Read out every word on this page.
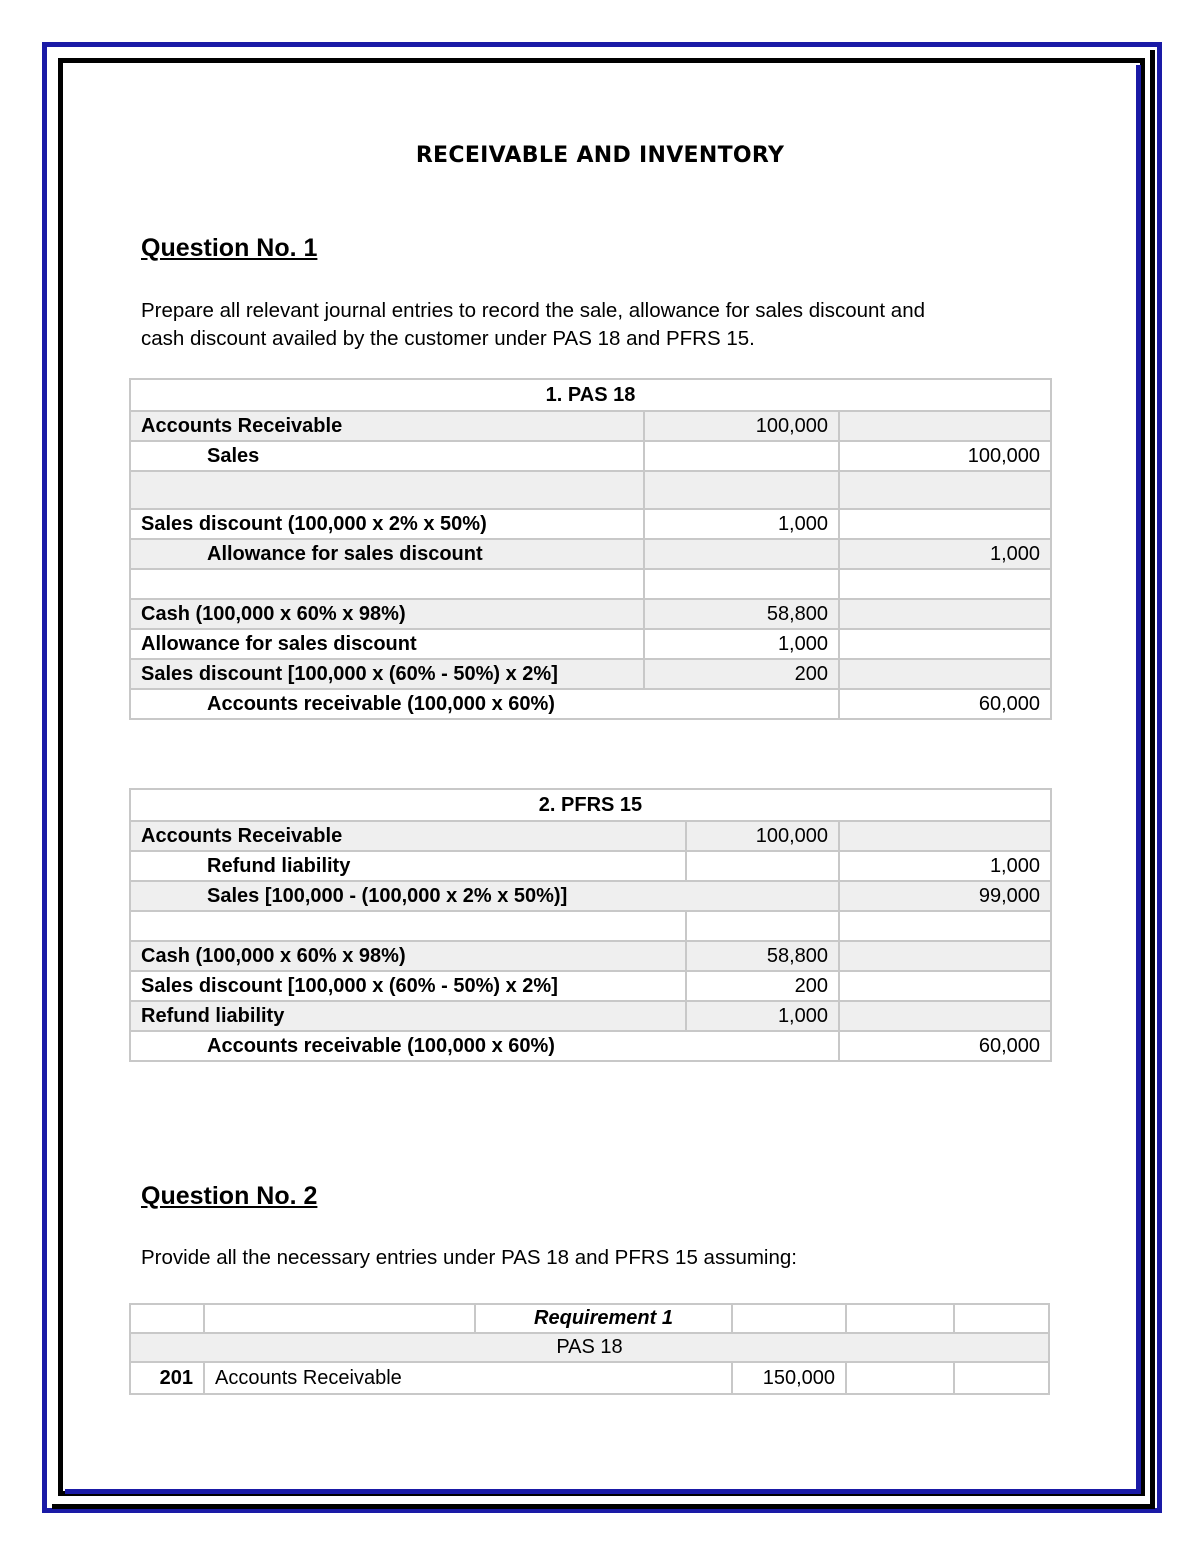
RECEIVABLE AND INVENTORY
Question No. 1
Prepare all relevant journal entries to record the sale, allowance for sales discount and
cash discount availed by the customer under PAS 18 and PFRS 15.
1. PAS 18		
Accounts Receivable	100,000	
Sales		100,000

Sales discount (100,000 x 2% x 50%)	1,000	
Allowance for sales discount		1,000

Cash (100,000 x 60% x 98%)	58,800	
Allowance for sales discount	1,000	
Sales discount [100,000 x (60% - 50%) x 2%]	200	
Accounts receivable (100,000 x 60%)		60,000
2. PFRS 15		
Accounts Receivable	100,000	
Refund liability		1,000
Sales [100,000 - (100,000 x 2% x 50%)]		99,000

Cash (100,000 x 60% x 98%)	58,800	
Sales discount [100,000 x (60% - 50%) x 2%]	200	
Refund liability	1,000	
Accounts receivable (100,000 x 60%)		60,000
Question No. 2
Provide all the necessary entries under PAS 18 and PFRS 15 assuming:
		Requirement 1			
PAS 18					
201	Accounts Receivable		150,000		
